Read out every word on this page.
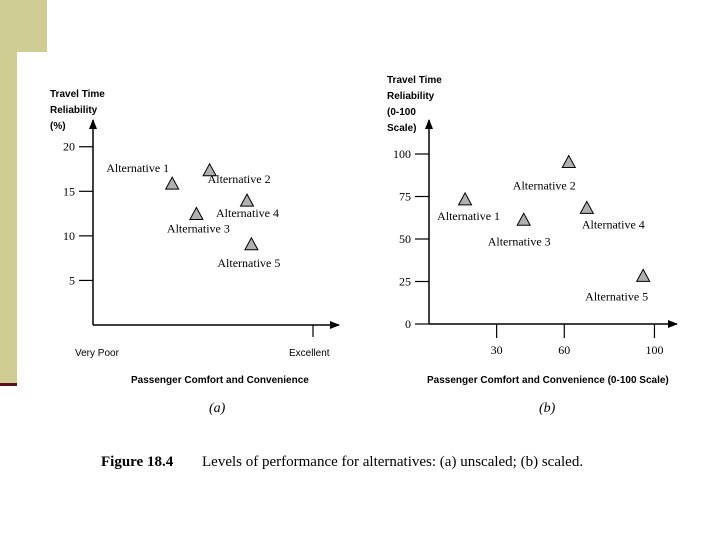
Travel Time
Reliability
(%)
Very Poor	Excellent
5
10
15
20
Alternative 1
Alternative 2
Alternative 3
Alternative 4
Alternative 5
Passenger Comfort and Convenience
(a)
Travel Time
Reliability
(0-100
Scale)
0
25
50
75
100
30	60	100
Alternative 1
Alternative 2
Alternative 3
Alternative 4
Alternative 5
Passenger Comfort and Convenience (0-100 Scale)
(b)
Figure 18.4 Levels of performance for alternatives: (a) unscaled; (b) scaled.
